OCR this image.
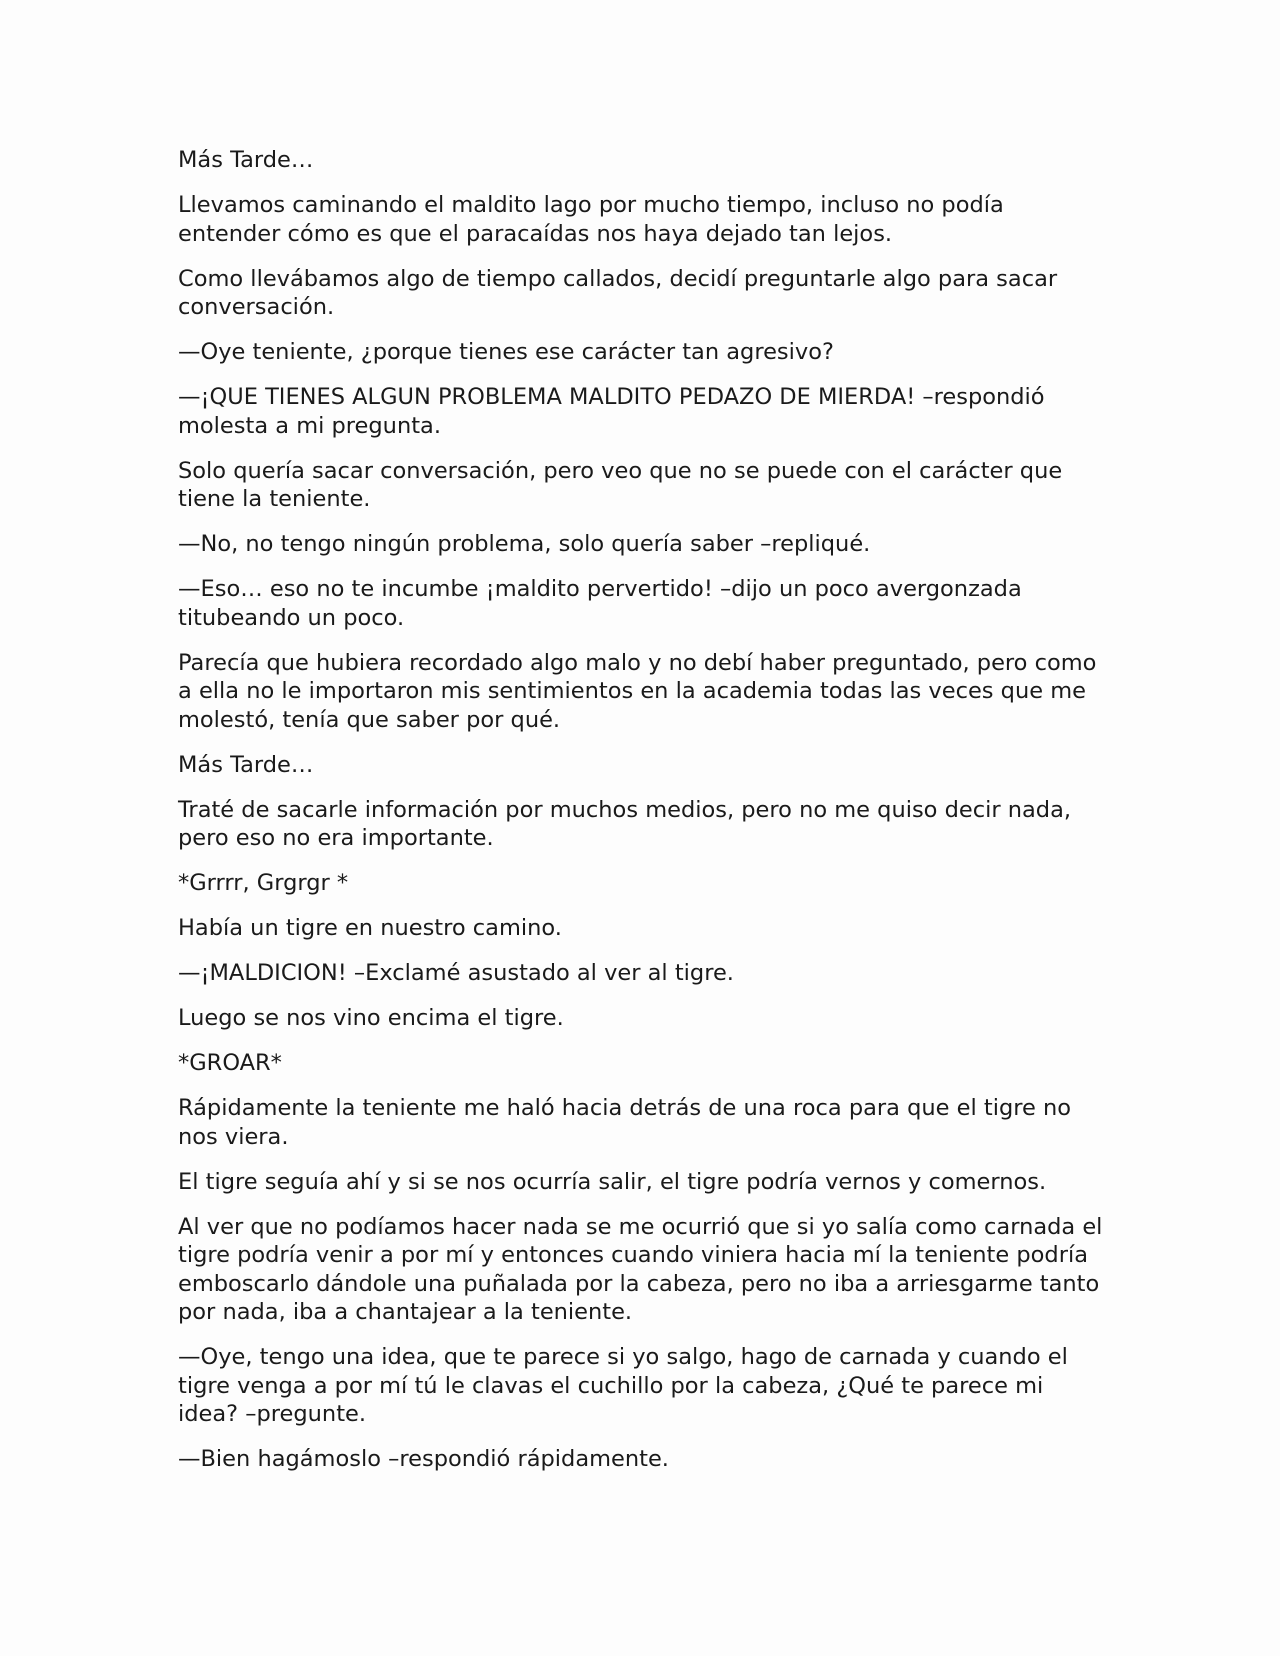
Más Tarde…

Llevamos caminando el maldito lago por mucho tiempo, incluso no podía entender cómo es que el paracaídas nos haya dejado tan lejos.

Como llevábamos algo de tiempo callados, decidí preguntarle algo para sacar conversación.

—Oye teniente, ¿porque tienes ese carácter tan agresivo?

—¡QUE TIENES ALGUN PROBLEMA MALDITO PEDAZO DE MIERDA! –respondió molesta a mi pregunta.

Solo quería sacar conversación, pero veo que no se puede con el carácter que tiene la teniente.

—No, no tengo ningún problema, solo quería saber –repliqué.

—Eso… eso no te incumbe ¡maldito pervertido! –dijo un poco avergonzada titubeando un poco.

Parecía que hubiera recordado algo malo y no debí haber preguntado, pero como a ella no le importaron mis sentimientos en la academia todas las veces que me molestó, tenía que saber por qué.

Más Tarde…

Traté de sacarle información por muchos medios, pero no me quiso decir nada, pero eso no era importante.

*Grrrr, Grgrgr *

Había un tigre en nuestro camino.

—¡MALDICION! –Exclamé asustado al ver al tigre.

Luego se nos vino encima el tigre.

*GROAR*

Rápidamente la teniente me haló hacia detrás de una roca para que el tigre no nos viera.

El tigre seguía ahí y si se nos ocurría salir, el tigre podría vernos y comernos.

Al ver que no podíamos hacer nada se me ocurrió que si yo salía como carnada el tigre podría venir a por mí y entonces cuando viniera hacia mí la teniente podría emboscarlo dándole una puñalada por la cabeza, pero no iba a arriesgarme tanto por nada, iba a chantajear a la teniente.

—Oye, tengo una idea, que te parece si yo salgo, hago de carnada y cuando el tigre venga a por mí tú le clavas el cuchillo por la cabeza, ¿Qué te parece mi idea? –pregunte.

—Bien hagámoslo –respondió rápidamente.
